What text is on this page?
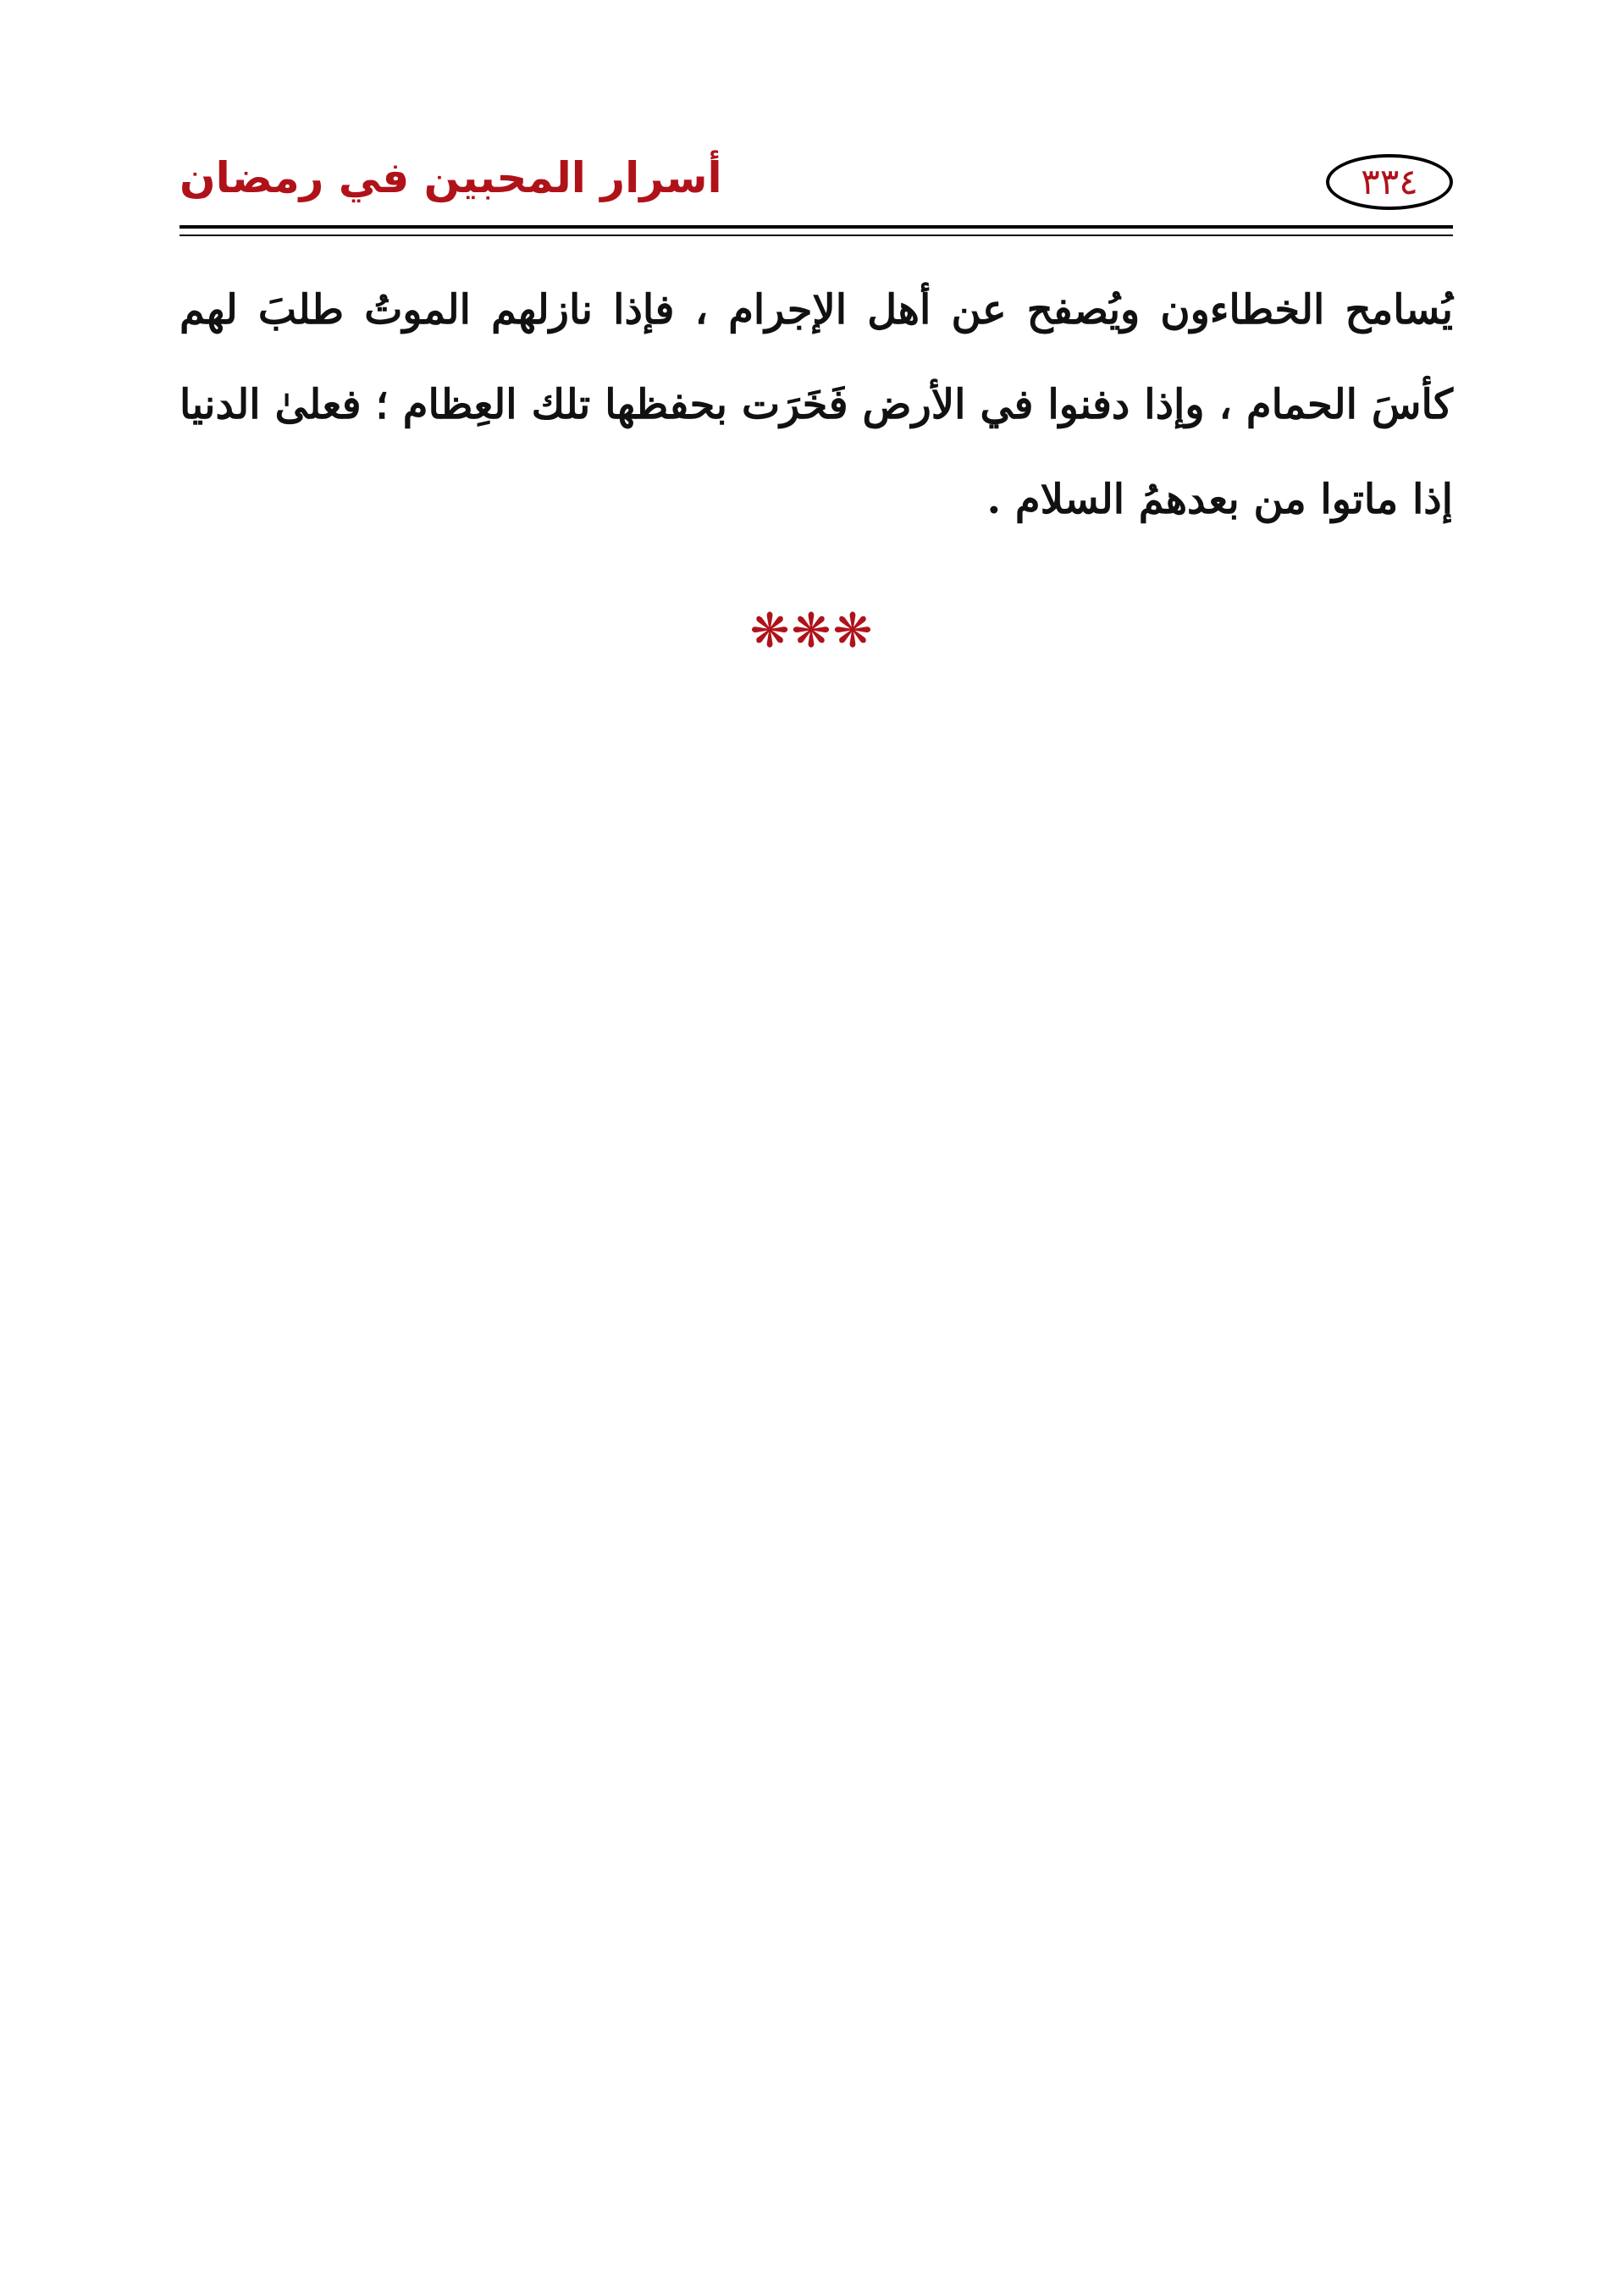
٣٣٤
أسرار المحبين في رمضان
يُسامح الخطاءون ويُصفح عن أهل الإجرام ، فإذا نازلهم الموتُ طلبَ لهم كأسَ الحمام ، وإذا دفنوا في الأرض فَخَرَت بحفظها تلك العِظام ؛ فعلىٰ الدنيا إذا ماتوا من بعدهمُ السلام .
❋❋❋
